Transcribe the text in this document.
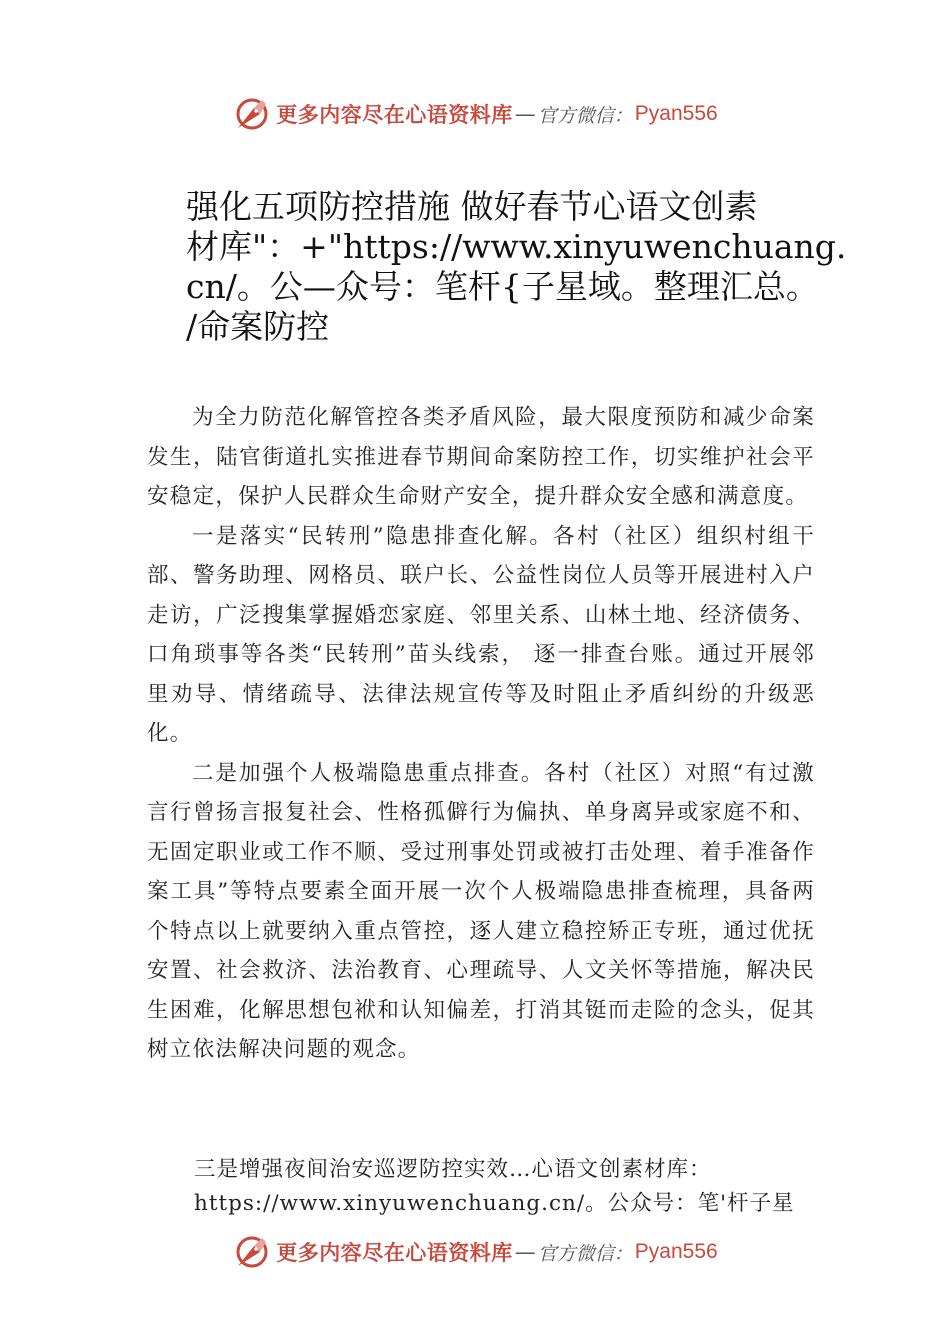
更多内容尽在心语资料库 — 官方微信： Pyan556
强化五项防控措施 做好春节心语文创素
材库"：+"https://www.xinyuwenchuang.
cn/。公—众号：笔杆{子星域。整理汇总。
/命案防控

为全力防范化解管控各类矛盾风险，最大限度预防和减少命案发生，陆官街道扎实推进春节期间命案防控工作，切实维护社会平安稳定，保护人民群众生命财产安全，提升群众安全感和满意度。

一是落实“民转刑”隐患排查化解。各村（社区）组织村组干部、警务助理、网格员、联户长、公益性岗位人员等开展进村入户走访，广泛搜集掌握婚恋家庭、邻里关系、山林土地、经济债务、口角琐事等各类“民转刑”苗头线索， 逐一排查台账。通过开展邻里劝导、情绪疏导、法律法规宣传等及时阻止矛盾纠纷的升级恶化。

二是加强个人极端隐患重点排查。各村（社区）对照“有过激言行曾扬言报复社会、性格孤僻行为偏执、单身离异或家庭不和、无固定职业或工作不顺、受过刑事处罚或被打击处理、着手准备作案工具”等特点要素全面开展一次个人极端隐患排查梳理，具备两个特点以上就要纳入重点管控，逐人建立稳控矫正专班，通过优抚安置、社会救济、法治教育、心理疏导、人文关怀等措施，解决民生困难，化解思想包袱和认知偏差，打消其铤而走险的念头，促其树立依法解决问题的观念。

三是增强夜间治安巡逻防控实效…心语文创素材库：
https://www.xinyuwenchuang.cn/。公众号：笔'杆子星
更多内容尽在心语资料库 — 官方微信： Pyan556
